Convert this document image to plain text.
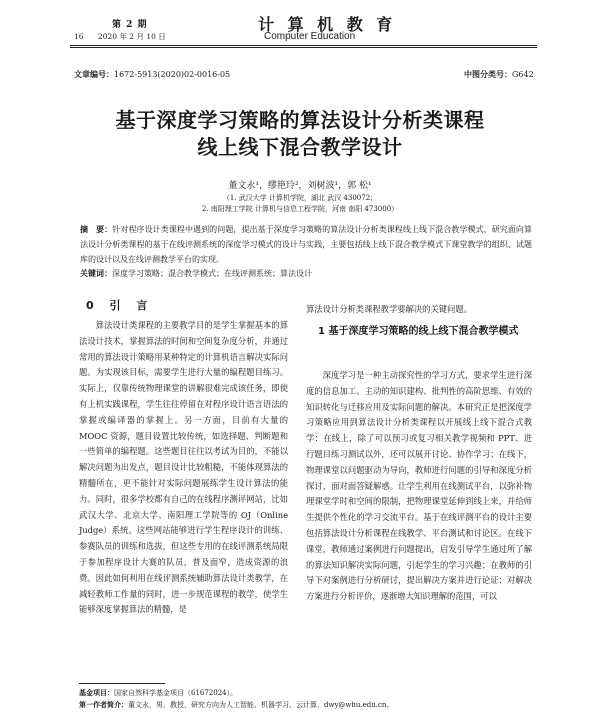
第 2 期
16 2020 年 2 月 10 日
计 算 机 教 育
Computer Education
文章编号：1672-5913(2020)02-0016-05	中图分类号：G642
基于深度学习策略的算法设计分析类课程
线上线下混合教学设计
董文永¹，缪艳玲²，刘树波¹，郭 松¹
（1. 武汉大学 计算机学院，湖北 武汉 430072；
2. 南阳理工学院 计算机与信息工程学院，河南 南阳 473000）
摘　要：针对程序设计类课程中遇到的问题，提出基于深度学习策略的算法设计分析类课程线上线下混合教学模式，研究面向算法设计分析类课程的基于在线评测系统的深度学习模式的设计与实践，主要包括线上线下混合教学模式下课堂教学的组织、试题库的设计以及在线评测教学平台的实现。
关键词：深度学习策略；混合教学模式；在线评测系统；算法设计
0 引 言

算法设计类课程的主要教学目的是学生掌握基本的算法设计技术，掌握算法的时间和空间复杂度分析，并通过常用的算法设计策略用某种特定的计算机语言解决实际问题。为实现该目标，需要学生进行大量的编程题目练习。实际上，仅靠传统物理课堂的讲解很难完成该任务，即使有上机实践课程，学生往往停留在对程序设计语言语法的掌握或编译器的掌握上。另一方面，目前有大量的 MOOC 资源，题目设置比较传统，如选择题、判断题和一些简单的编程题。这些题目往往以考试为目的，不能以解决问题为出发点，题目设计比较粗糙，不能体现算法的精髓所在，更不能针对实际问题展练学生设计算法的能力。同时，很多学校都有自己的在线程序测评网站，比如武汉大学、北京大学、南阳理工学院等的 OJ（Online Judge）系统。这些网站能够进行学生程序设计的训练、参赛队员的训练和选拔，但这些专用的在线评测系统局限于参加程序设计大赛的队员，普及面窄，造成资源的浪费。因此如何利用在线评测系统辅助算法设计类教学，在减轻教师工作量的同时，进一步规范课程的教学，使学生能够深度掌握算法的精髓，是

算法设计分析类课程教学要解决的关键问题。

1 基于深度学习策略的线上线下混合教学模式

深度学习是一种主动探究性的学习方式，要求学生进行深度的信息加工、主动的知识建构、批判性的高阶思维、有效的知识转化与迁移应用及实际问题的解决。本研究正是把深度学习策略应用到算法设计分析类课程以开展线上线下混合式教学：在线上，除了可以预习或复习相关教学视频和 PPT、进行题目练习测试以外，还可以展开讨论、协作学习；在线下，物理课堂以问题驱动为导向，教师进行问题的引导和深度分析探讨，面对面答疑解惑。让学生利用在线测试平台，以弥补物理课堂学时和空间的限制，把物理课堂延伸到线上来，并给师生提供个性化的学习交流平台。基于在线评测平台的设计主要包括算法设计分析课程在线教学、平台测试和讨论区。在线下课堂，教师通过案例进行问题提出，启发引导学生通过所了解的算法知识解决实际问题，引起学生的学习兴趣；在教师的引导下对案例进行分析研讨，提出解决方案并进行论证；对解决方案进行分析评价，逐渐增大知识理解的范围，可以

基金项目：国家自然科学基金项目（61672024）。
第一作者简介：董文永，男，教授，研究方向为人工智能、机器学习、云计算，dwy@whu.edu.cn。
